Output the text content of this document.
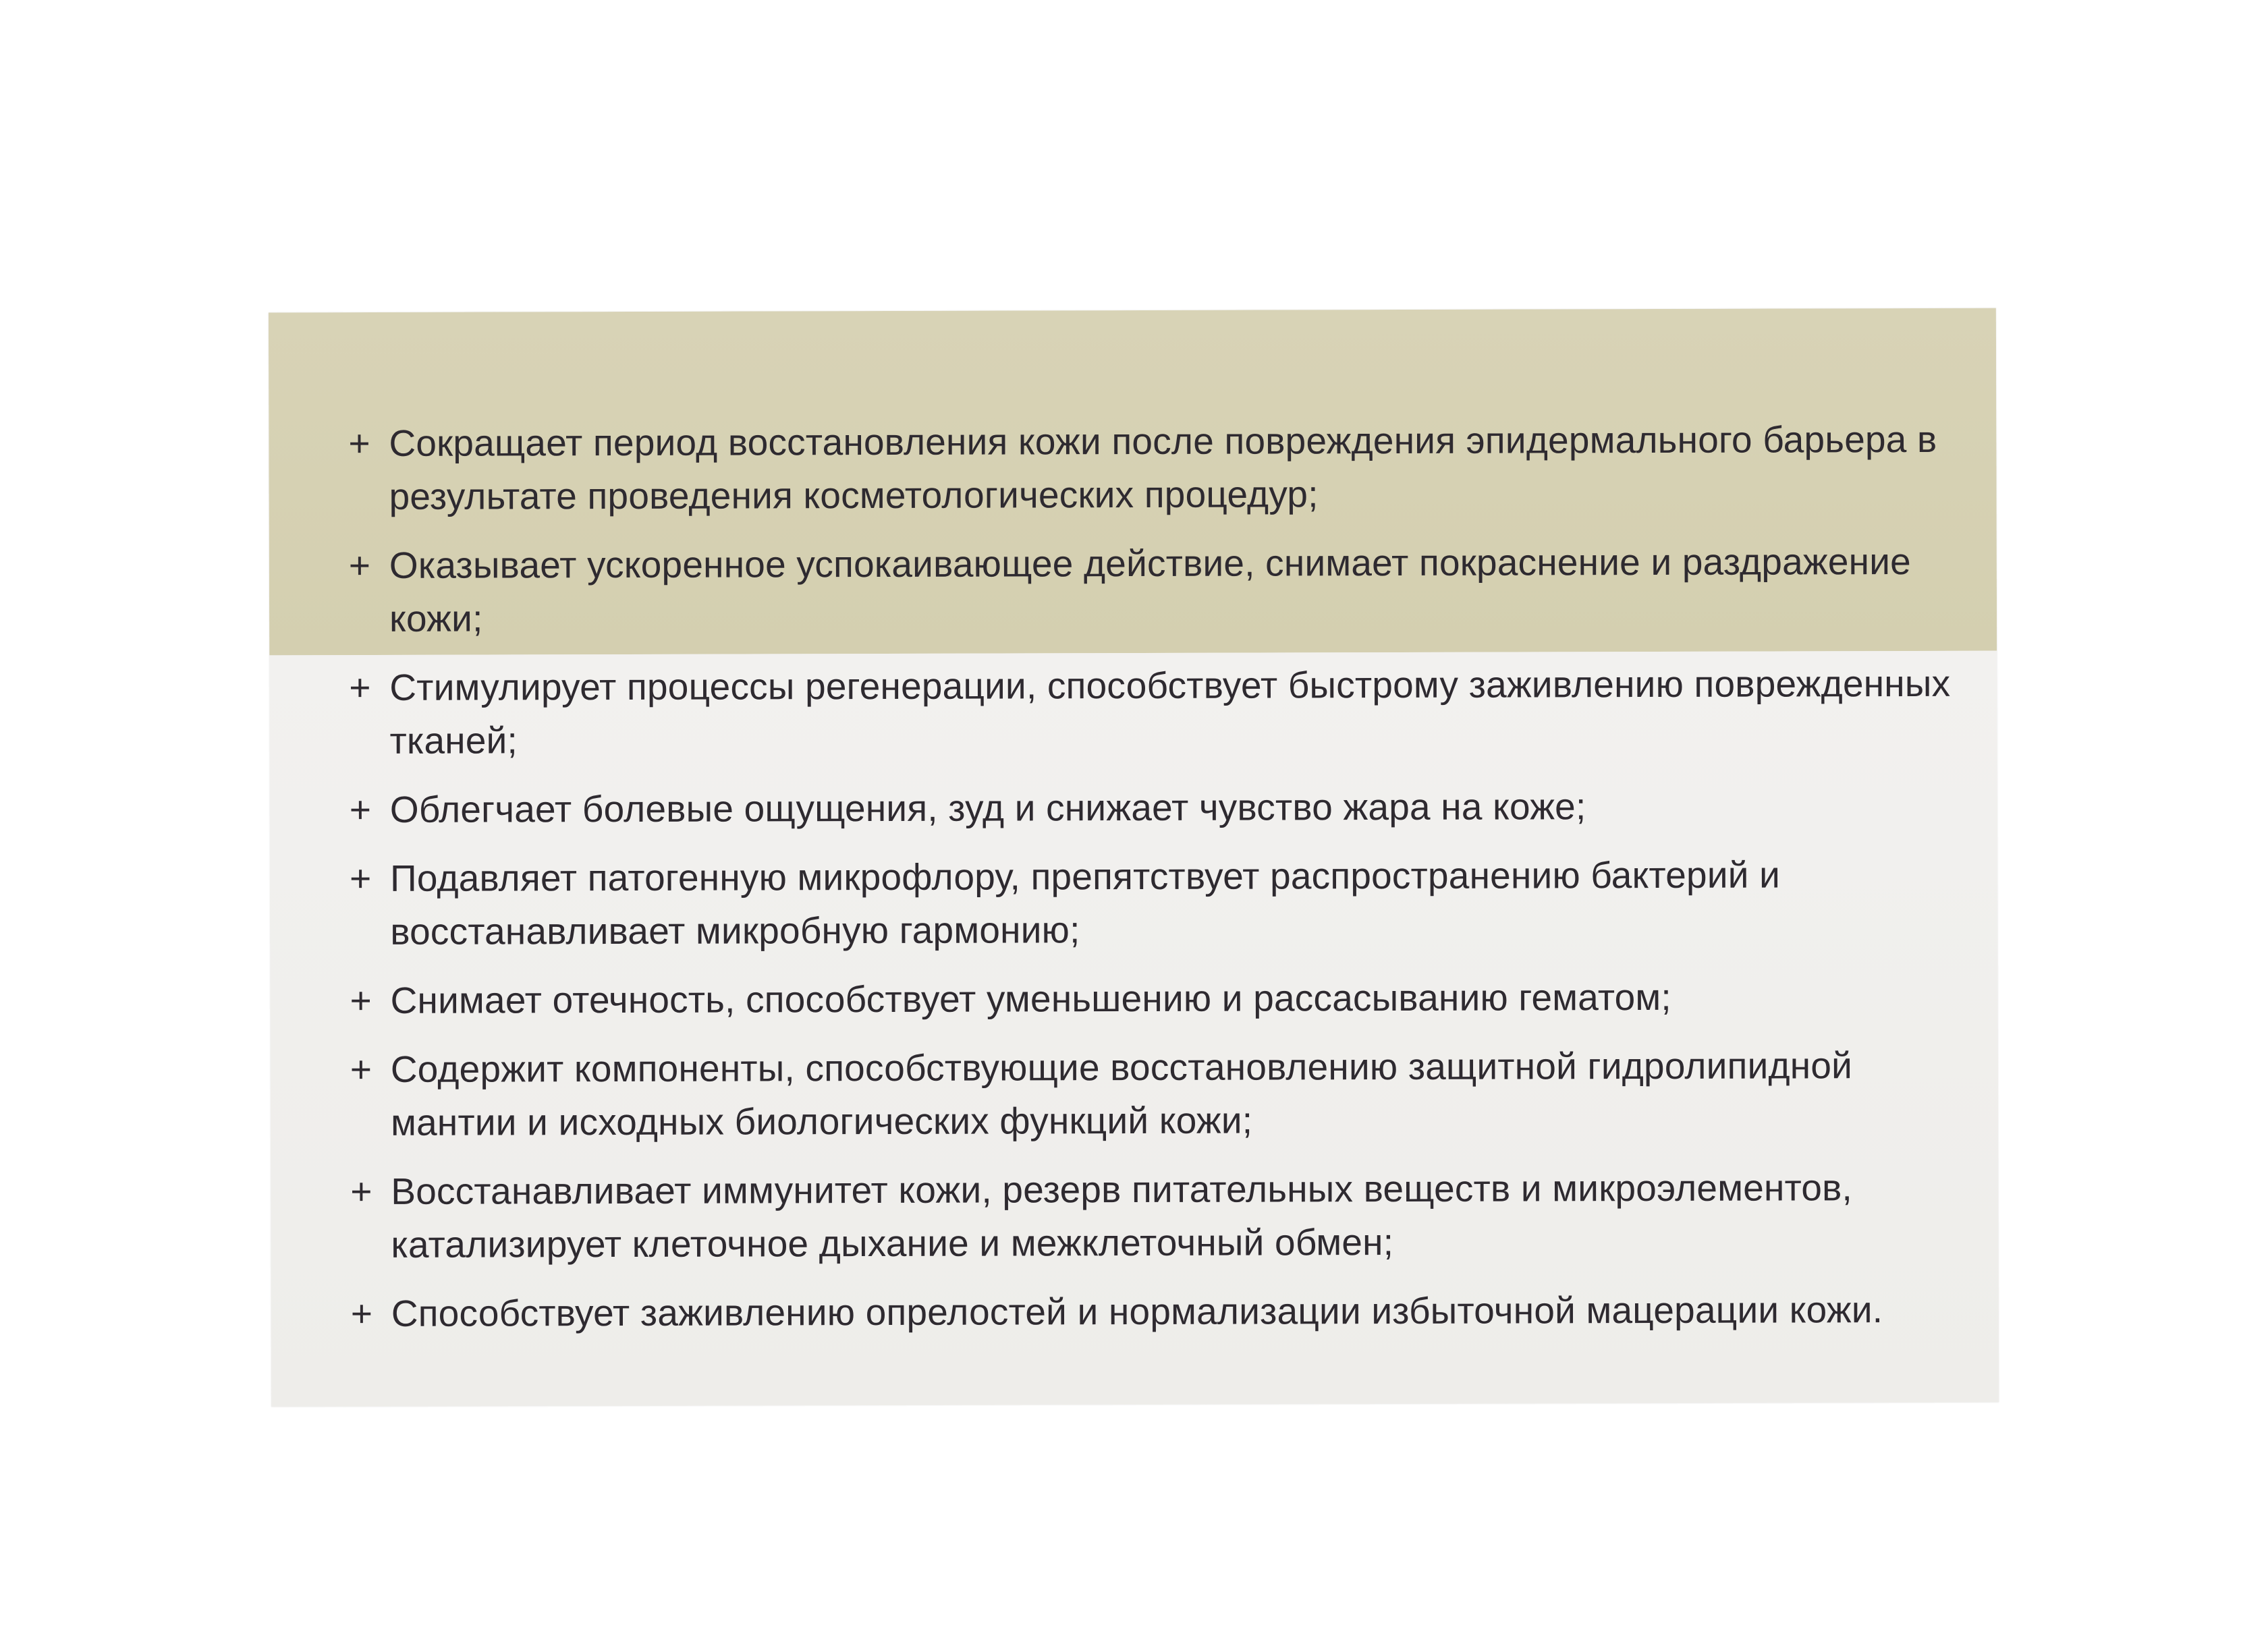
+ Сокращает период восстановления кожи после повреждения эпидермального барьера в результате проведения косметологических процедур;
+ Оказывает ускоренное успокаивающее действие, снимает покраснение и раздражение кожи;
+ Стимулирует процессы регенерации, способствует быстрому заживлению поврежденных тканей;
+ Облегчает болевые ощущения, зуд и снижает чувство жара на коже;
+ Подавляет патогенную микрофлору, препятствует распространению бактерий и восстанавливает микробную гармонию;
+ Снимает отечность, способствует уменьшению и рассасыванию гематом;
+ Содержит компоненты, способствующие восстановлению защитной гидролипидной мантии и исходных биологических функций кожи;
+ Восстанавливает иммунитет кожи, резерв питательных веществ и микроэлементов, катализирует клеточное дыхание и межклеточный обмен;
+ Способствует заживлению опрелостей и нормализации избыточной мацерации кожи.
